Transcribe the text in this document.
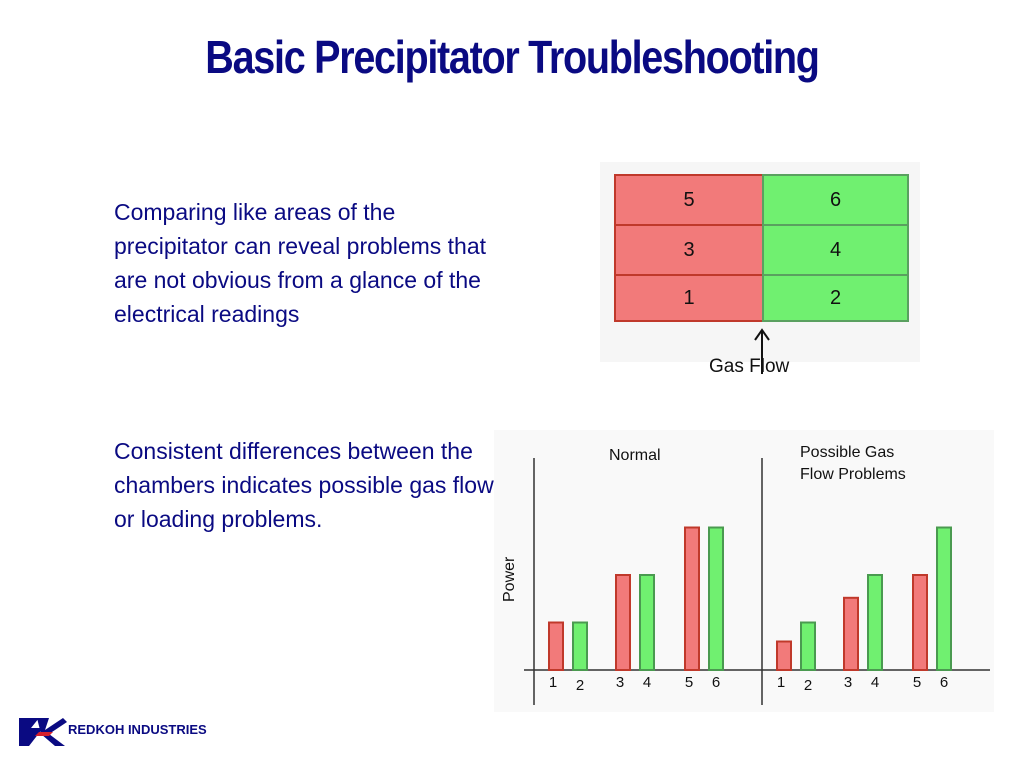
Basic Precipitator Troubleshooting
Comparing like areas of the precipitator can reveal problems that are not obvious from a glance of the electrical readings
Consistent differences between the chambers indicates possible gas flow or loading problems.
5	6
3	4
1	2
Gas Flow
Power
Normal	Possible Gas
Flow Problems
1 2 3 4 5 6	1 2 3 4 5 6
REDKOH INDUSTRIES
